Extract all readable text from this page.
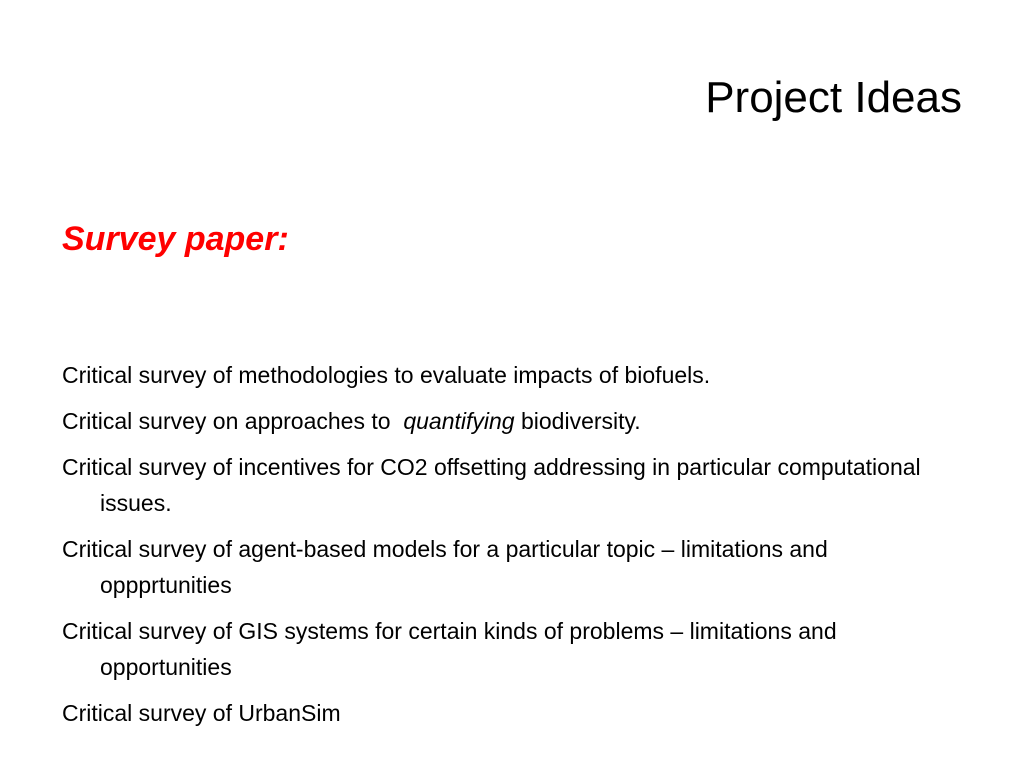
Project Ideas
Survey paper:
Critical survey of methodologies to evaluate impacts of biofuels.
Critical survey on approaches to  quantifying biodiversity.
Critical survey of incentives for CO2 offsetting addressing in particular computational issues.
Critical survey of agent-based models for a particular topic – limitations and oppprtunities
Critical survey of GIS systems for certain kinds of problems – limitations and opportunities
Critical survey of UrbanSim
